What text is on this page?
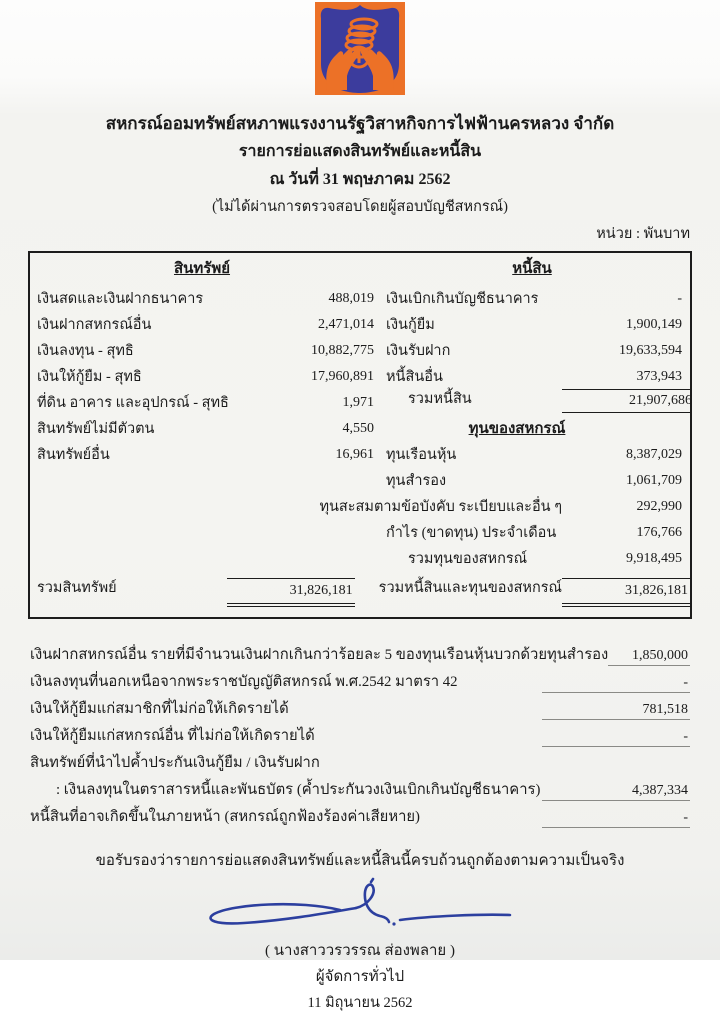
สหกรณ์ออมทรัพย์สหภาพแรงงานรัฐวิสาหกิจการไฟฟ้านครหลวง จำกัด
รายการย่อแสดงสินทรัพย์และหนี้สิน
ณ วันที่ 31 พฤษภาคม 2562
(ไม่ได้ผ่านการตรวจสอบโดยผู้สอบบัญชีสหกรณ์)
หน่วย : พันบาท
สินทรัพย์	หนี้สิน
เงินสดและเงินฝากธนาคาร	488,019 เงินเบิกเกินบัญชีธนาคาร	-
เงินฝากสหกรณ์อื่น	2,471,014 เงินกู้ยืม	1,900,149
เงินลงทุน - สุทธิ	10,882,775 เงินรับฝาก	19,633,594
เงินให้กู้ยืม - สุทธิ	17,960,891 หนี้สินอื่น	373,943
ที่ดิน อาคาร และอุปกรณ์ - สุทธิ	1,971	รวมหนี้สิน	21,907,686
สินทรัพย์ไม่มีตัวตน	4,550	ทุนของสหกรณ์
สินทรัพย์อื่น	16,961 ทุนเรือนหุ้น	8,387,029
ทุนสำรอง	1,061,709
ทุนสะสมตามข้อบังคับ ระเบียบและอื่น ๆ	292,990
กำไร (ขาดทุน) ประจำเดือน	176,766
รวมทุนของสหกรณ์	9,918,495
รวมสินทรัพย์	31,826,181	รวมหนี้สินและทุนของสหกรณ์	31,826,181
เงินฝากสหกรณ์อื่น รายที่มีจำนวนเงินฝากเกินกว่าร้อยละ 5 ของทุนเรือนหุ้นบวกด้วยทุนสำรอง	1,850,000
เงินลงทุนที่นอกเหนือจากพระราชบัญญัติสหกรณ์ พ.ศ.2542 มาตรา 42	-
เงินให้กู้ยืมแก่สมาชิกที่ไม่ก่อให้เกิดรายได้	781,518
เงินให้กู้ยืมแก่สหกรณ์อื่น ที่ไม่ก่อให้เกิดรายได้	-
สินทรัพย์ที่นำไปค้ำประกันเงินกู้ยืม / เงินรับฝาก
: เงินลงทุนในตราสารหนี้และพันธบัตร (ค้ำประกันวงเงินเบิกเกินบัญชีธนาคาร)	4,387,334
หนี้สินที่อาจเกิดขึ้นในภายหน้า (สหกรณ์ถูกฟ้องร้องค่าเสียหาย)	-
ขอรับรองว่ารายการย่อแสดงสินทรัพย์และหนี้สินนี้ครบถ้วนถูกต้องตามความเป็นจริง
( นางสาววรวรรณ ส่องพลาย )
ผู้จัดการทั่วไป
11 มิถุนายน 2562
